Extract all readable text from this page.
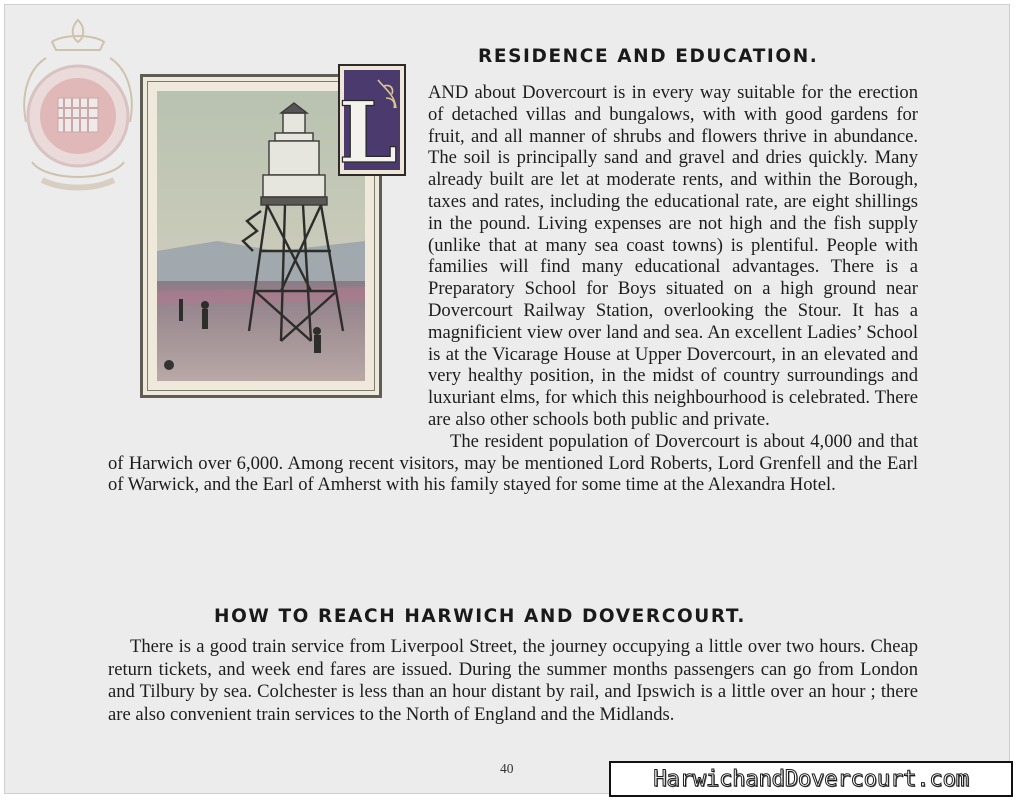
RESIDENCE AND EDUCATION.
L	AND about Dovercourt is in every way suitable for the erection of detached villas and bungalows, with with good gardens for fruit, and all manner of shrubs and flowers thrive in abundance. The soil is principally sand and gravel and dries quickly. Many already built are let at moderate rents, and within the Borough, taxes and rates, including the educational rate, are eight shillings in the pound. Living expenses are not high and the fish supply (unlike that at many sea coast towns) is plentiful. People with families will find many educational advantages. There is a Preparatory School for Boys situated on a high ground near Dovercourt Railway Station, overlooking the Stour. It has a magnificient view over land and sea. An excellent Ladies’ School is at the Vicarage House at Upper Dovercourt, in an elevated and very healthy position, in the midst of country surroundings and luxuriant elms, for which this neighbourhood is celebrated. There are also other schools both public and private.

The resident population of Dovercourt is about 4,000 and that of Harwich over 6,000. Among recent visitors, may be mentioned Lord Roberts, Lord Grenfell and the Earl of Warwick, and the Earl of Amherst with his family stayed for some time at the Alexandra Hotel.

HOW TO REACH HARWICH AND DOVERCOURT.

There is a good train service from Liverpool Street, the journey occupying a little over two hours. Cheap return tickets, and week end fares are issued. During the summer months passengers can go from London and Tilbury by sea. Colchester is less than an hour distant by rail, and Ipswich is a little over an hour ; there are also convenient train services to the North of England and the Midlands.

40	HarwichandDovercourt.com
